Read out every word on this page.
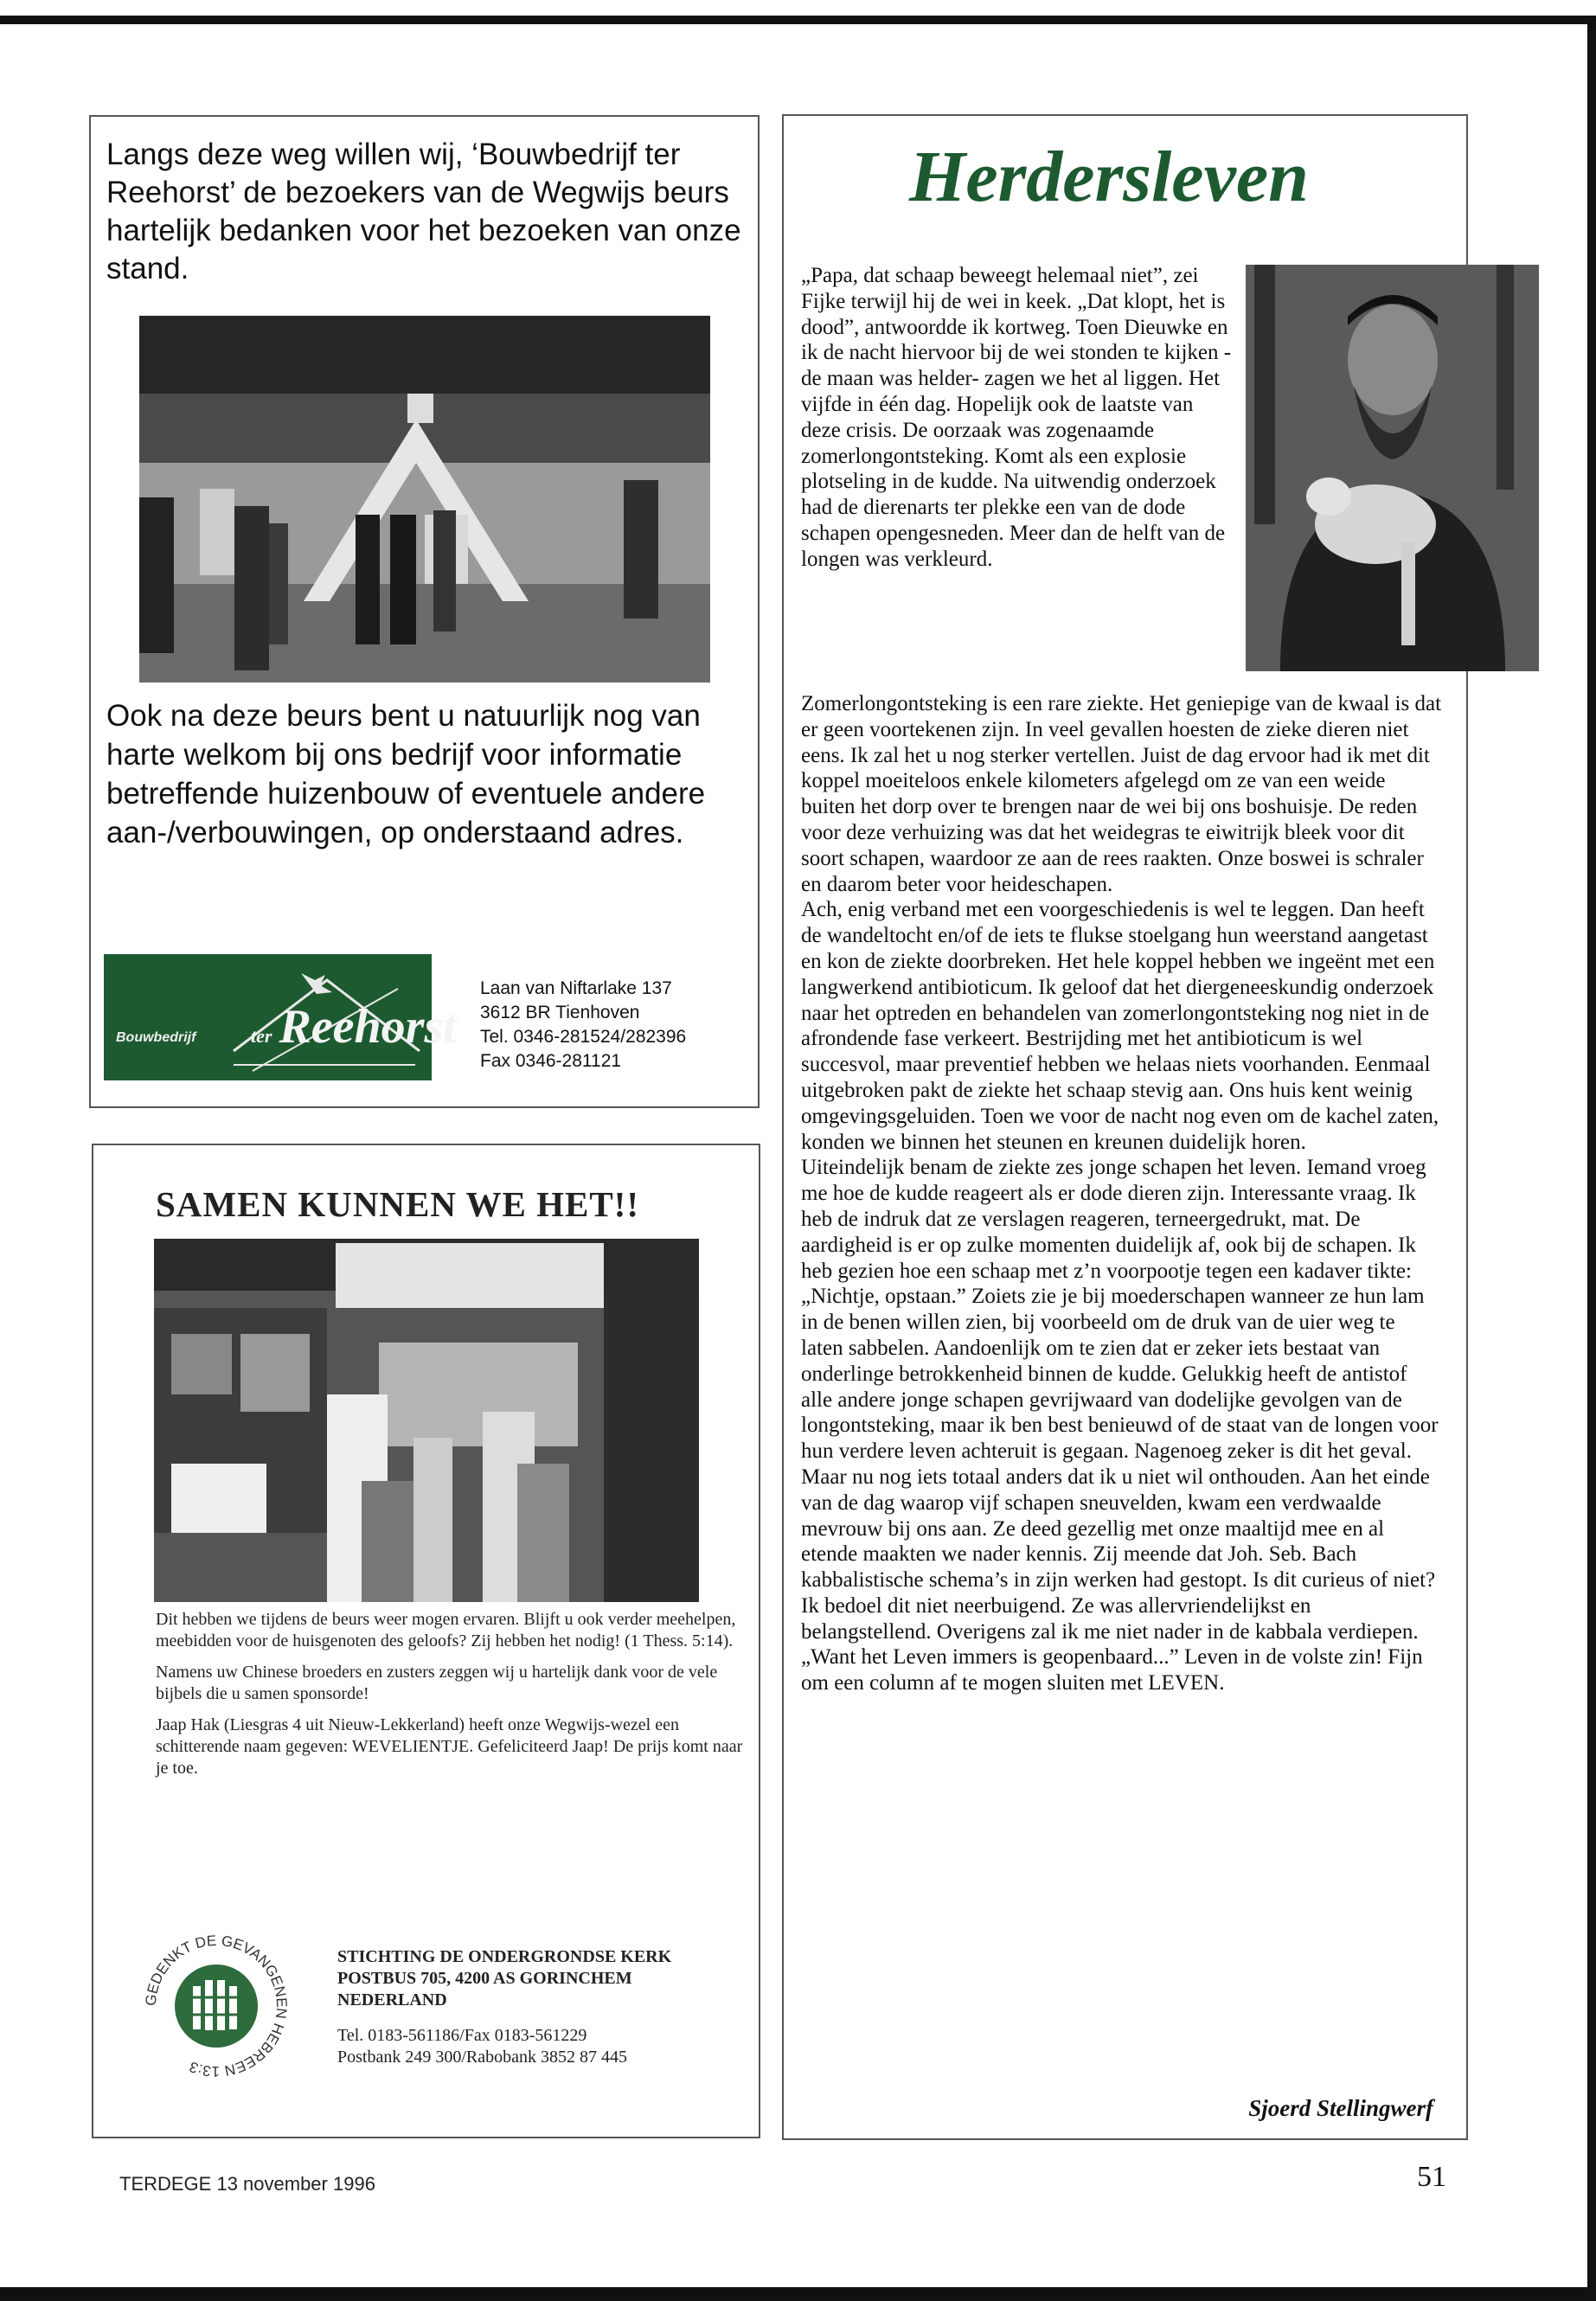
Langs deze weg willen wij, ‘Bouwbedrijf ter Reehorst’ de bezoekers van de Wegwijs beurs hartelijk bedanken voor het bezoeken van onze stand.

Ook na deze beurs bent u natuurlijk nog van harte welkom bij ons bedrijf voor informatie betreffende huizenbouw of eventuele andere aan-/verbouwingen, op onderstaand adres.

Bouwbedrijf	ter Reehorst
Laan van Niftarlake 137
3612 BR Tienhoven
Tel. 0346-281524/282396
Fax 0346-281121
SAMEN KUNNEN WE HET!!

Dit hebben we tijdens de beurs weer mogen ervaren. Blijft u ook verder meehelpen, meebidden voor de huisgenoten des geloofs? Zij hebben het nodig! (1 Thess. 5:14).

Namens uw Chinese broeders en zusters zeggen wij u hartelijk dank voor de vele bijbels die u samen sponsorde!

Jaap Hak (Liesgras 4 uit Nieuw-Lekkerland) heeft onze Wegwijs-wezel een schitterende naam gegeven: WEVELIENTJE. Gefeliciteerd Jaap! De prijs komt naar je toe.

GEDENKT DE GEVANGENEN HEBREEN 13:3
STICHTING DE ONDERGRONDSE KERK
POSTBUS 705, 4200 AS GORINCHEM
NEDERLAND
Tel. 0183-561186/Fax 0183-561229
Postbank 249 300/Rabobank 3852 87 445
Herdersleven

„Papa, dat schaap beweegt helemaal niet”, zei Fijke terwijl hij de wei in keek. „Dat klopt, het is dood”, antwoordde ik kortweg. Toen Dieuwke en ik de nacht hiervoor bij de wei stonden te kijken -de maan was helder- zagen we het al liggen. Het vijfde in één dag. Hopelijk ook de laatste van deze crisis. De oorzaak was zogenaamde zomerlongontsteking. Komt als een explosie plotseling in de kudde. Na uitwendig onderzoek had de dierenarts ter plekke een van de dode schapen opengesneden. Meer dan de helft van de longen was verkleurd.

Zomerlongontsteking is een rare ziekte. Het geniepige van de kwaal is dat er geen voortekenen zijn. In veel gevallen hoesten de zieke dieren niet eens. Ik zal het u nog sterker vertellen. Juist de dag ervoor had ik met dit koppel moeiteloos enkele kilometers afgelegd om ze van een weide buiten het dorp over te brengen naar de wei bij ons boshuisje. De reden voor deze verhuizing was dat het weidegras te eiwitrijk bleek voor dit soort schapen, waardoor ze aan de rees raakten. Onze boswei is schraler en daarom beter voor heideschapen.

Ach, enig verband met een voorgeschiedenis is wel te leggen. Dan heeft de wandeltocht en/of de iets te flukse stoelgang hun weerstand aangetast en kon de ziekte doorbreken. Het hele koppel hebben we ingeënt met een langwerkend antibioticum. Ik geloof dat het diergeneeskundig onderzoek naar het optreden en behandelen van zomerlongontsteking nog niet in de afrondende fase verkeert. Bestrijding met het antibioticum is wel succesvol, maar preventief hebben we helaas niets voorhanden. Eenmaal uitgebroken pakt de ziekte het schaap stevig aan. Ons huis kent weinig omgevingsgeluiden. Toen we voor de nacht nog even om de kachel zaten, konden we binnen het steunen en kreunen duidelijk horen.

Uiteindelijk benam de ziekte zes jonge schapen het leven. Iemand vroeg me hoe de kudde reageert als er dode dieren zijn. Interessante vraag. Ik heb de indruk dat ze verslagen reageren, terneergedrukt, mat. De aardigheid is er op zulke momenten duidelijk af, ook bij de schapen. Ik heb gezien hoe een schaap met z’n voorpootje tegen een kadaver tikte: „Nichtje, opstaan.” Zoiets zie je bij moederschapen wanneer ze hun lam in de benen willen zien, bij voorbeeld om de druk van de uier weg te laten sabbelen. Aandoenlijk om te zien dat er zeker iets bestaat van onderlinge betrokkenheid binnen de kudde. Gelukkig heeft de antistof alle andere jonge schapen gevrijwaard van dodelijke gevolgen van de longontsteking, maar ik ben best benieuwd of de staat van de longen voor hun verdere leven achteruit is gegaan. Nagenoeg zeker is dit het geval.

Maar nu nog iets totaal anders dat ik u niet wil onthouden. Aan het einde van de dag waarop vijf schapen sneuvelden, kwam een verdwaalde mevrouw bij ons aan. Ze deed gezellig met onze maaltijd mee en al etende maakten we nader kennis. Zij meende dat Joh. Seb. Bach kabbalistische schema’s in zijn werken had gestopt. Is dit curieus of niet? Ik bedoel dit niet neerbuigend. Ze was allervriendelijkst en belangstellend. Overigens zal ik me niet nader in de kabbala verdiepen. „Want het Leven immers is geopenbaard...” Leven in de volste zin! Fijn om een column af te mogen sluiten met LEVEN.

Sjoerd Stellingwerf

TERDEGE 13 november 1996	51
